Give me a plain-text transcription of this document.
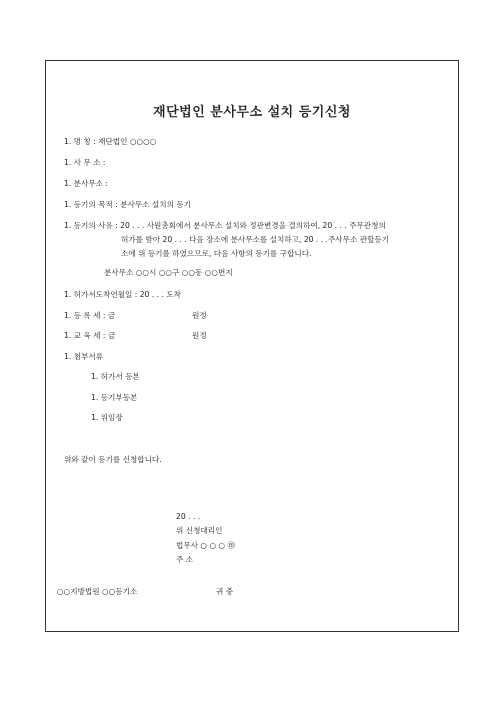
재단법인 분사무소 설치 등기신청
1. 명 칭 : 재단법인 ○○○○
1. 사 무 소 :
1. 분사무소 :
1. 등기의 목적 : 분사무소 설치의 등기
1. 등기의 사유 : 20 . . . 사원총회에서 분사무소 설치와 정관변경을 결의하여, 20 . . . 주무관청의
허가를 받아 20 . . . 다음 장소에 분사무소를 설치하고, 20 . . .주사무소 관할등기
소에 위 등기를 하였으므로, 다음 사항의 등기를 구합니다.
분사무소 ○○시 ○○구 ○○동 ○○번지
1. 허가서도착연월일 : 20 . . . 도착
1. 등 록 세 : 금	원정
1. 교 육 세 : 금	원정
1. 첨부서류
1. 허가서 등본
1. 등기부등본
1. 위임장
위와 같이 등기를 신청합니다.
20 . . .
위 신청대리인
법무사 ○ ○ ○ ㊞
주 소
○○지방법원 ○○등기소	귀 중
